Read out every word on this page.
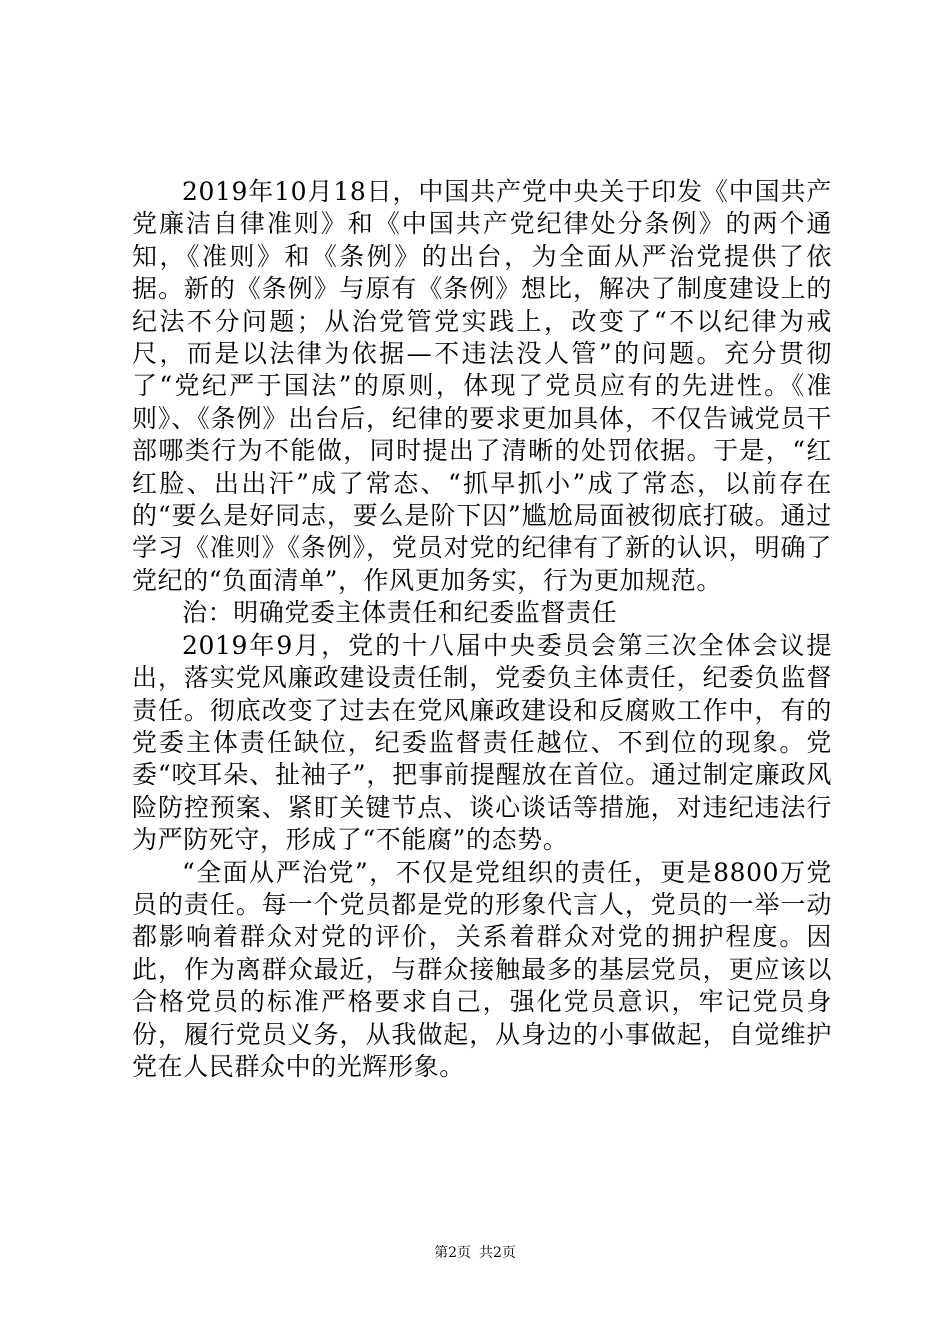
2019年10月18日，中国共产党中央关于印发《中国共产党廉洁自律准则》和《中国共产党纪律处分条例》的两个通知，《准则》和《条例》的出台，为全面从严治党提供了依据。新的《条例》与原有《条例》想比，解决了制度建设上的纪法不分问题；从治党管党实践上，改变了“不以纪律为戒尺，而是以法律为依据—不违法没人管”的问题。充分贯彻了“党纪严于国法”的原则，体现了党员应有的先进性。《准则》、《条例》出台后，纪律的要求更加具体，不仅告诫党员干部哪类行为不能做，同时提出了清晰的处罚依据。于是，“红红脸、出出汗”成了常态、“抓早抓小”成了常态，以前存在的“要么是好同志，要么是阶下囚”尴尬局面被彻底打破。通过学习《准则》《条例》，党员对党的纪律有了新的认识，明确了党纪的“负面清单”，作风更加务实，行为更加规范。

治：明确党委主体责任和纪委监督责任

2019年9月，党的十八届中央委员会第三次全体会议提出，落实党风廉政建设责任制，党委负主体责任，纪委负监督责任。彻底改变了过去在党风廉政建设和反腐败工作中，有的党委主体责任缺位，纪委监督责任越位、不到位的现象。党委“咬耳朵、扯袖子”，把事前提醒放在首位。通过制定廉政风险防控预案、紧盯关键节点、谈心谈话等措施，对违纪违法行为严防死守，形成了“不能腐”的态势。

“全面从严治党”，不仅是党组织的责任，更是8800万党员的责任。每一个党员都是党的形象代言人，党员的一举一动都影响着群众对党的评价，关系着群众对党的拥护程度。因此，作为离群众最近，与群众接触最多的基层党员，更应该以合格党员的标准严格要求自己，强化党员意识，牢记党员身份，履行党员义务，从我做起，从身边的小事做起，自觉维护党在人民群众中的光辉形象。

第2页 共2页
